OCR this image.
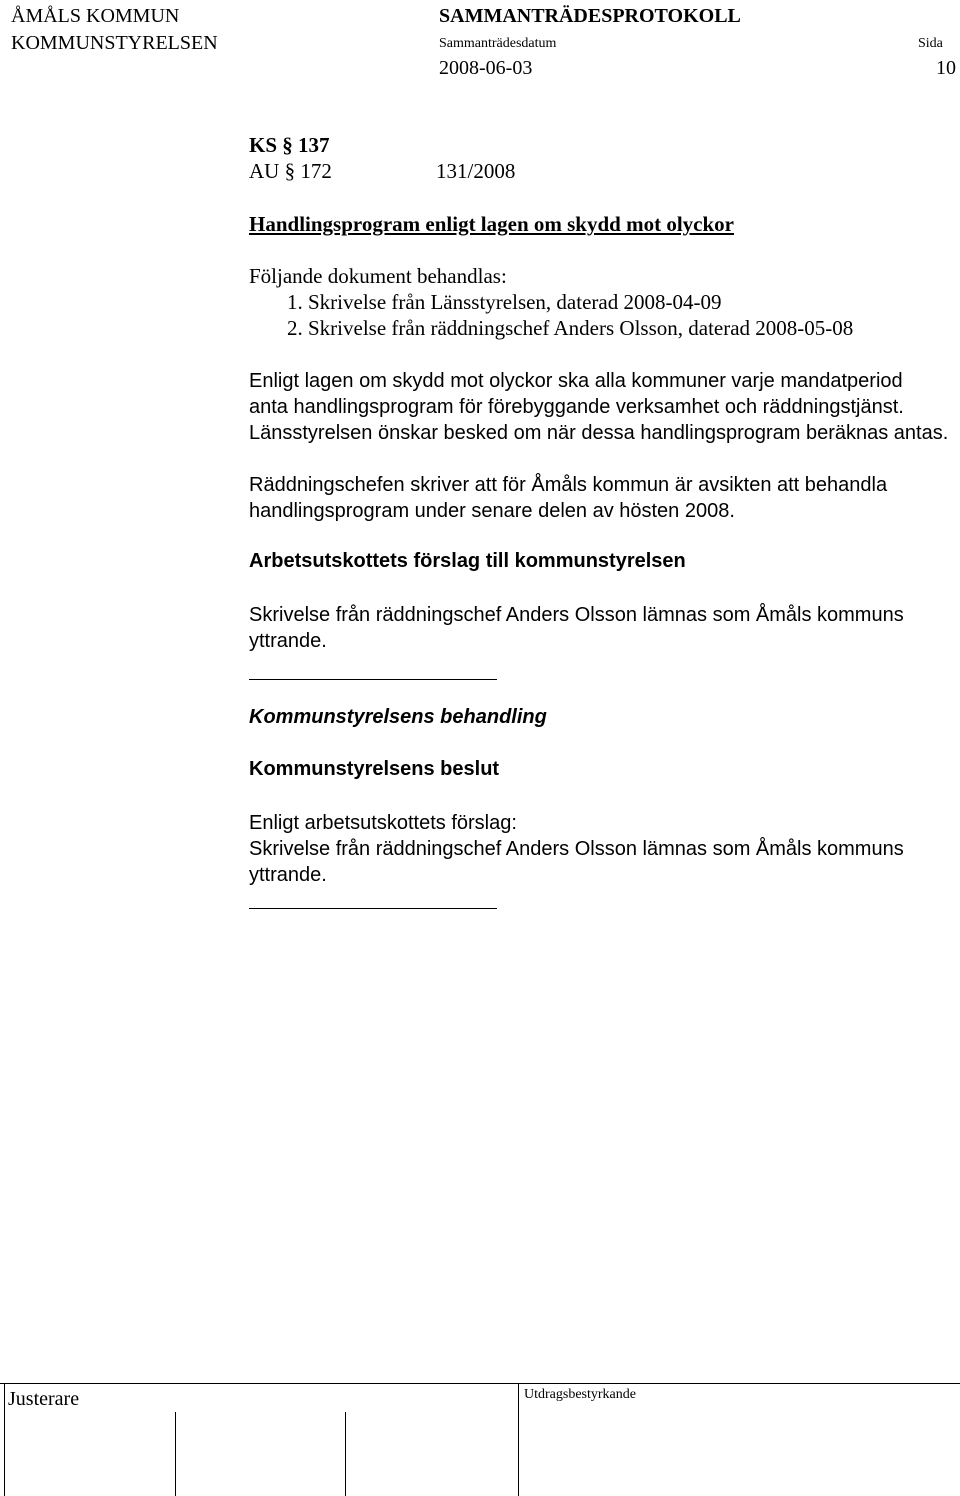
ÅMÅLS KOMMUN
KOMMUNSTYRELSEN
SAMMANTRÄDESPROTOKOLL
Sammanträdesdatum
2008-06-03
Sida
10
KS § 137
AU § 172	131/2008
Handlingsprogram enligt lagen om skydd mot olyckor
Följande dokument behandlas:
1. Skrivelse från Länsstyrelsen, daterad 2008-04-09
2. Skrivelse från räddningschef Anders Olsson, daterad 2008-05-08
Enligt lagen om skydd mot olyckor ska alla kommuner varje mandatperiod
anta handlingsprogram för förebyggande verksamhet och räddningstjänst.
Länsstyrelsen önskar besked om när dessa handlingsprogram beräknas antas.
Räddningschefen skriver att för Åmåls kommun är avsikten att behandla
handlingsprogram under senare delen av hösten 2008.
Arbetsutskottets förslag till kommunstyrelsen
Skrivelse från räddningschef Anders Olsson lämnas som Åmåls kommuns
yttrande.
Kommunstyrelsens behandling
Kommunstyrelsens beslut
Enligt arbetsutskottets förslag:
Skrivelse från räddningschef Anders Olsson lämnas som Åmåls kommuns
yttrande.
Justerare	Utdragsbestyrkande
